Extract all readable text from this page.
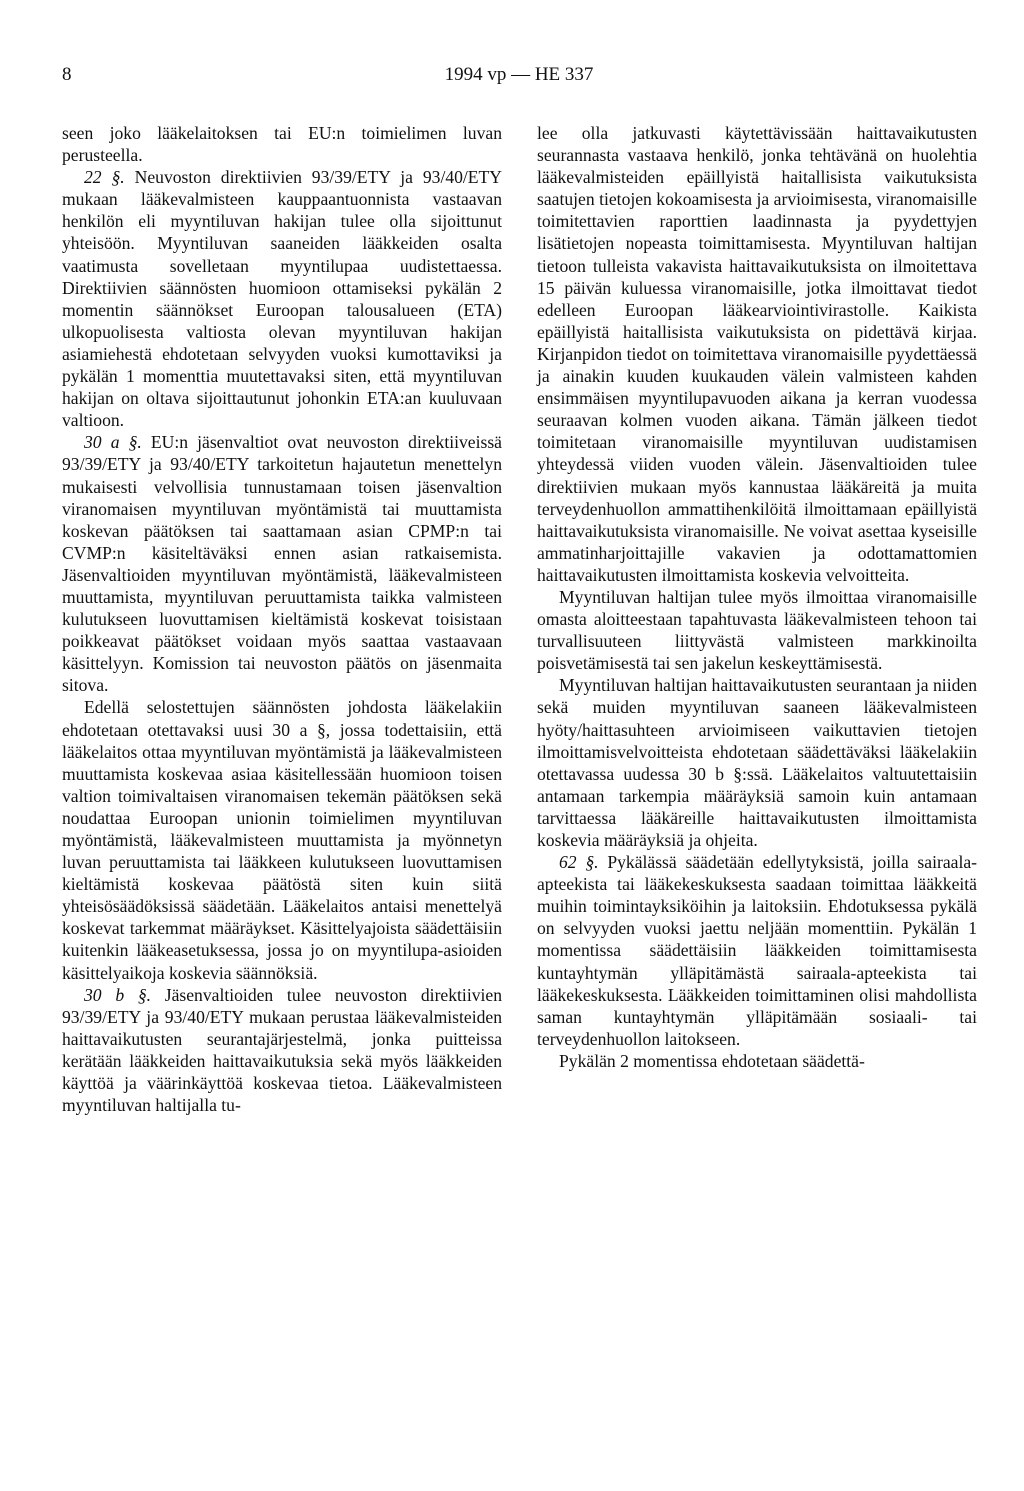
8	1994 vp — HE 337

seen joko lääkelaitoksen tai EU:n toimielimen luvan perusteella.

22 §. Neuvoston direktiivien 93/39/ETY ja 93/40/ETY mukaan lääkevalmisteen kauppaantuonnista vastaavan henkilön eli myyntiluvan hakijan tulee olla sijoittunut yhteisöön. Myyntiluvan saaneiden lääkkeiden osalta vaatimusta sovelletaan myyntilupaa uudistettaessa. Direktiivien säännösten huomioon ottamiseksi pykälän 2 momentin säännökset Euroopan talousalueen (ETA) ulkopuolisesta valtiosta olevan myyntiluvan hakijan asiamiehestä ehdotetaan selvyyden vuoksi kumottaviksi ja pykälän 1 momenttia muutettavaksi siten, että myyntiluvan hakijan on oltava sijoittautunut johonkin ETA:an kuuluvaan valtioon.

30 a §. EU:n jäsenvaltiot ovat neuvoston direktiiveissä 93/39/ETY ja 93/40/ETY tarkoitetun hajautetun menettelyn mukaisesti velvollisia tunnustamaan toisen jäsenvaltion viranomaisen myyntiluvan myöntämistä tai muuttamista koskevan päätöksen tai saattamaan asian CPMP:n tai CVMP:n käsiteltäväksi ennen asian ratkaisemista. Jäsenvaltioiden myyntiluvan myöntämistä, lääkevalmisteen muuttamista, myyntiluvan peruuttamista taikka valmisteen kulutukseen luovuttamisen kieltämistä koskevat toisistaan poikkeavat päätökset voidaan myös saattaa vastaavaan käsittelyyn. Komission tai neuvoston päätös on jäsenmaita sitova.

Edellä selostettujen säännösten johdosta lääkelakiin ehdotetaan otettavaksi uusi 30 a §, jossa todettaisiin, että lääkelaitos ottaa myyntiluvan myöntämistä ja lääkevalmisteen muuttamista koskevaa asiaa käsitellessään huomioon toisen valtion toimivaltaisen viranomaisen tekemän päätöksen sekä noudattaa Euroopan unionin toimielimen myyntiluvan myöntämistä, lääkevalmisteen muuttamista ja myönnetyn luvan peruuttamista tai lääkkeen kulutukseen luovuttamisen kieltämistä koskevaa päätöstä siten kuin siitä yhteisösäädöksissä säädetään. Lääkelaitos antaisi menettelyä koskevat tarkemmat määräykset. Käsittelyajoista säädettäisiin kuitenkin lääkeasetuksessa, jossa jo on myyntilupa-asioiden käsittelyaikoja koskevia säännöksiä.

30 b §. Jäsenvaltioiden tulee neuvoston direktiivien 93/39/ETY ja 93/40/ETY mukaan perustaa lääkevalmisteiden haittavaikutusten seurantajärjestelmä, jonka puitteissa kerätään lääkkeiden haittavaikutuksia sekä myös lääkkeiden käyttöä ja väärinkäyttöä koskevaa tietoa. Lääkevalmisteen myyntiluvan haltijalla tu-

lee olla jatkuvasti käytettävissään haittavaikutusten seurannasta vastaava henkilö, jonka tehtävänä on huolehtia lääkevalmisteiden epäillyistä haitallisista vaikutuksista saatujen tietojen kokoamisesta ja arvioimisesta, viranomaisille toimitettavien raporttien laadinnasta ja pyydettyjen lisätietojen nopeasta toimittamisesta. Myyntiluvan haltijan tietoon tulleista vakavista haittavaikutuksista on ilmoitettava 15 päivän kuluessa viranomaisille, jotka ilmoittavat tiedot edelleen Euroopan lääkearviointivirastolle. Kaikista epäillyistä haitallisista vaikutuksista on pidettävä kirjaa. Kirjanpidon tiedot on toimitettava viranomaisille pyydettäessä ja ainakin kuuden kuukauden välein valmisteen kahden ensimmäisen myyntilupavuoden aikana ja kerran vuodessa seuraavan kolmen vuoden aikana. Tämän jälkeen tiedot toimitetaan viranomaisille myyntiluvan uudistamisen yhteydessä viiden vuoden välein. Jäsenvaltioiden tulee direktiivien mukaan myös kannustaa lääkäreitä ja muita terveydenhuollon ammattihenkilöitä ilmoittamaan epäillyistä haittavaikutuksista viranomaisille. Ne voivat asettaa kyseisille ammatinharjoittajille vakavien ja odottamattomien haittavaikutusten ilmoittamista koskevia velvoitteita.

Myyntiluvan haltijan tulee myös ilmoittaa viranomaisille omasta aloitteestaan tapahtuvasta lääkevalmisteen tehoon tai turvallisuuteen liittyvästä valmisteen markkinoilta poisvetämisestä tai sen jakelun keskeyttämisestä.

Myyntiluvan haltijan haittavaikutusten seurantaan ja niiden sekä muiden myyntiluvan saaneen lääkevalmisteen hyöty/haittasuhteen arvioimiseen vaikuttavien tietojen ilmoittamisvelvoitteista ehdotetaan säädettäväksi lääkelakiin otettavassa uudessa 30 b §:ssä. Lääkelaitos valtuutettaisiin antamaan tarkempia määräyksiä samoin kuin antamaan tarvittaessa lääkäreille haittavaikutusten ilmoittamista koskevia määräyksiä ja ohjeita.

62 §. Pykälässä säädetään edellytyksistä, joilla sairaala-apteekista tai lääkekeskuksesta saadaan toimittaa lääkkeitä muihin toimintayksiköihin ja laitoksiin. Ehdotuksessa pykälä on selvyyden vuoksi jaettu neljään momenttiin. Pykälän 1 momentissa säädettäisiin lääkkeiden toimittamisesta kuntayhtymän ylläpitämästä sairaala-apteekista tai lääkekeskuksesta. Lääkkeiden toimittaminen olisi mahdollista saman kuntayhtymän ylläpitämään sosiaali- tai terveydenhuollon laitokseen.

Pykälän 2 momentissa ehdotetaan säädettä-
